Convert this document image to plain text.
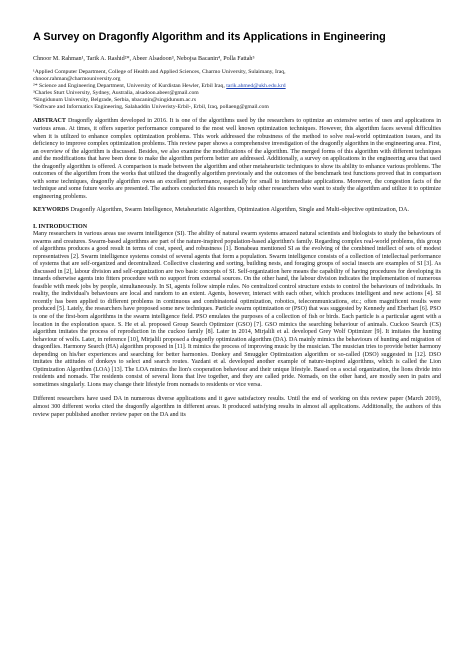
A Survey on Dragonfly Algorithm and its Applications in Engineering
Chnoor M. Rahman¹, Tarik A. Rashid²*, Abeer Alsadoon³, Nebojsa Bacanin⁴, Polla Fattah⁵
¹Applied Computer Department, College of Health and Applied Sciences, Charmo University, Sulaimany, Iraq,
chnoor.rahman@charmouniversity.org
²* Science and Engineering Department, University of Kurdistan Hewler, Erbil Iraq, tarik.ahmed@ukh.edu.krd
³Charles Sturt University, Sydney, Australia, alsadoon.abeer@gmail.com
⁴Singidunum University, Belgrade, Serbia, nbacanin@singidunum.ac.rs
⁵Software and Informatics Engineering, Salahaddin Univeristy-Erbil-, Erbil, Iraq, pollaeng@gmail.com
ABSTRACT Dragonfly algorithm developed in 2016. It is one of the algorithms used by the researchers to optimize an extensive series of uses and applications in various areas. At times, it offers superior performance compared to the most well known optimization techniques. However, this algorithm faces several difficulties when it is utilized to enhance complex optimization problems. This work addressed the robustness of the method to solve real-world optimization issues, and its deficiency to improve complex optimization problems. This review paper shows a comprehensive investigation of the dragonfly algorithm in the engineering area. First, an overview of the algorithm is discussed. Besides, we also examine the modifications of the algorithm. The merged forms of this algorithm with different techniques and the modifications that have been done to make the algorithm perform better are addressed. Additionally, a survey on applications in the engineering area that used the dragonfly algorithm is offered. A comparison is made between the algorithm and other metaheuristic techniques to show its ability to enhance various problems. The outcomes of the algorithm from the works that utilized the dragonfly algorithm previously and the outcomes of the benchmark test functions proved that in comparison with some techniques, dragonfly algorithm owns an excellent performance, especially for small to intermediate applications. Moreover, the congestion facts of the technique and some future works are presented. The authors conducted this research to help other researchers who want to study the algorithm and utilize it to optimize engineering problems.
KEYWORDS Dragonfly Algorithm, Swarm Intelligence, Metaheuristic Algorithm, Optimization Algorithm, Single and Multi-objective optimization, DA.
I. INTRODUCTION

Many researchers in various areas use swarm intelligence (SI). The ability of natural swarm systems amazed natural scientists and biologists to study the behaviours of swarms and creatures. Swarm-based algorithms are part of the nature-inspired population-based algorithm's family. Regarding complex real-world problems, this group of algorithms produces a good result in terms of cost, speed, and robustness [1]. Bonabeau mentioned SI as the evolving of the combined intellect of sets of modest representatives [2]. Swarm intelligence systems consist of several agents that form a population. Swarm intelligence consists of a collection of intellectual performance of systems that are self-organized and decentralized. Collective clustering and sorting, building nests, and foraging groups of social insects are examples of SI [3]. As discussed in [2], labour division and self-organization are two basic concepts of SI. Self-organization here means the capability of having procedures for developing its innards otherwise agents into fitters procedure with no support from external sources. On the other hand, the labour division indicates the implementation of numerous feasible with meek jobs by people, simultaneously. In SI, agents follow simple rules. No centralized control structure exists to control the behaviours of individuals. In reality, the individual's behaviours are local and random to an extent. Agents, however, interact with each other, which produces intelligent and new actions [4]. SI recently has been applied to different problems in continuous and combinatorial optimization, robotics, telecommunications, etc.; often magnificent results were produced [5]. Lately, the researchers have proposed some new techniques. Particle swarm optimization or (PSO) that was suggested by Kennedy and Eberhart [6]. PSO is one of the first-born algorithms in the swarm intelligence field. PSO emulates the purposes of a collection of fish or birds. Each particle is a particular agent with a location in the exploration space. S. He et al. proposed Group Search Optimizer (GSO) [7]. GSO mimics the searching behaviour of animals. Cuckoo Search (CS) algorithm imitates the process of reproduction in the cuckoo family [8]. Later in 2014, Mirjalili et al. developed Grey Wolf Optimizer [9]. It imitates the hunting behaviour of wolfs. Later, in reference [10], Mirjalili proposed a dragonfly optimization algorithm (DA). DA mainly mimics the behaviours of hunting and migration of dragonflies. Harmony Search (HA) algorithm proposed in [11]. It mimics the process of improving music by the musician. The musician tries to provide better harmony depending on his/her experiences and searching for better harmonies. Donkey and Smuggler Optimization algorithm or so-called (DSO) suggested in [12]. DSO imitates the attitudes of donkeys to select and search routes. Yazdani et al. developed another example of nature-inspired algorithms, which is called the Lion Optimization Algorithm (LOA) [13]. The LOA mimics the lion's cooperation behaviour and their unique lifestyle. Based on a social organization, the lions divide into residents and nomads. The residents consist of several lions that live together, and they are called pride. Nomads, on the other hand, are mostly seen in pairs and sometimes singularly. Lions may change their lifestyle from nomads to residents or vice versa.

Different researchers have used DA in numerous diverse applications and it gave satisfactory results. Until the end of working on this review paper (March 2019), almost 300 different works cited the dragonfly algorithm in different areas. It produced satisfying results in almost all applications. Additionally, the authors of this review paper published another review paper on the DA and its
